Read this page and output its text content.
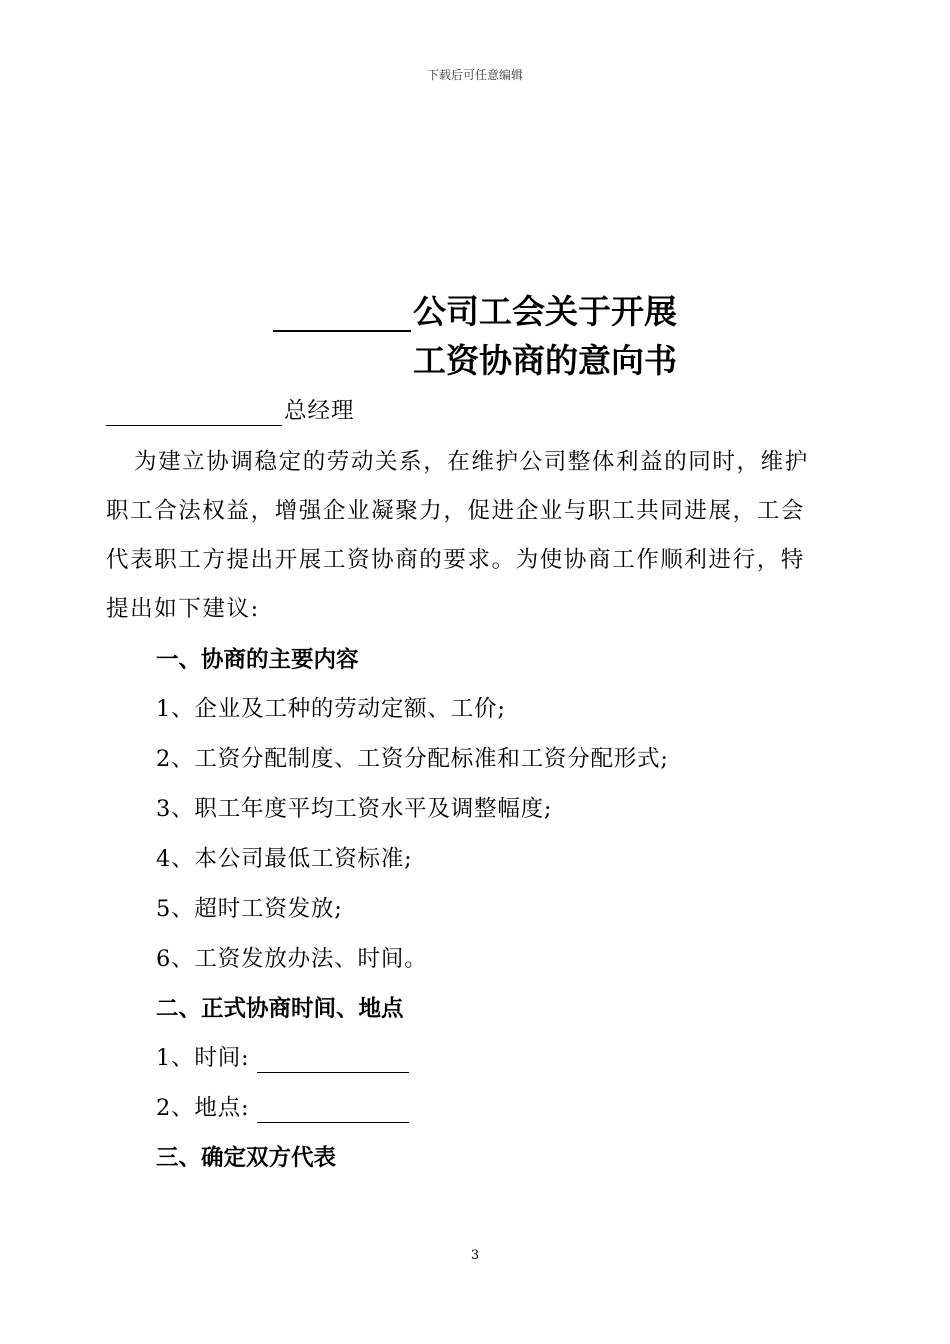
下载后可任意编辑
公司工会关于开展
工资协商的意向书
总经理
为建立协调稳定的劳动关系，在维护公司整体利益的同时，维护
职工合法权益，增强企业凝聚力，促进企业与职工共同进展，工会
代表职工方提出开展工资协商的要求。为使协商工作顺利进行，特
提出如下建议:
一、协商的主要内容
1、企业及工种的劳动定额、工价;
2、工资分配制度、工资分配标准和工资分配形式;
3、职工年度平均工资水平及调整幅度;
4、本公司最低工资标准;
5、超时工资发放;
6、工资发放办法、时间。
二、正式协商时间、地点
1、时间:
2、地点:
三、确定双方代表
3
